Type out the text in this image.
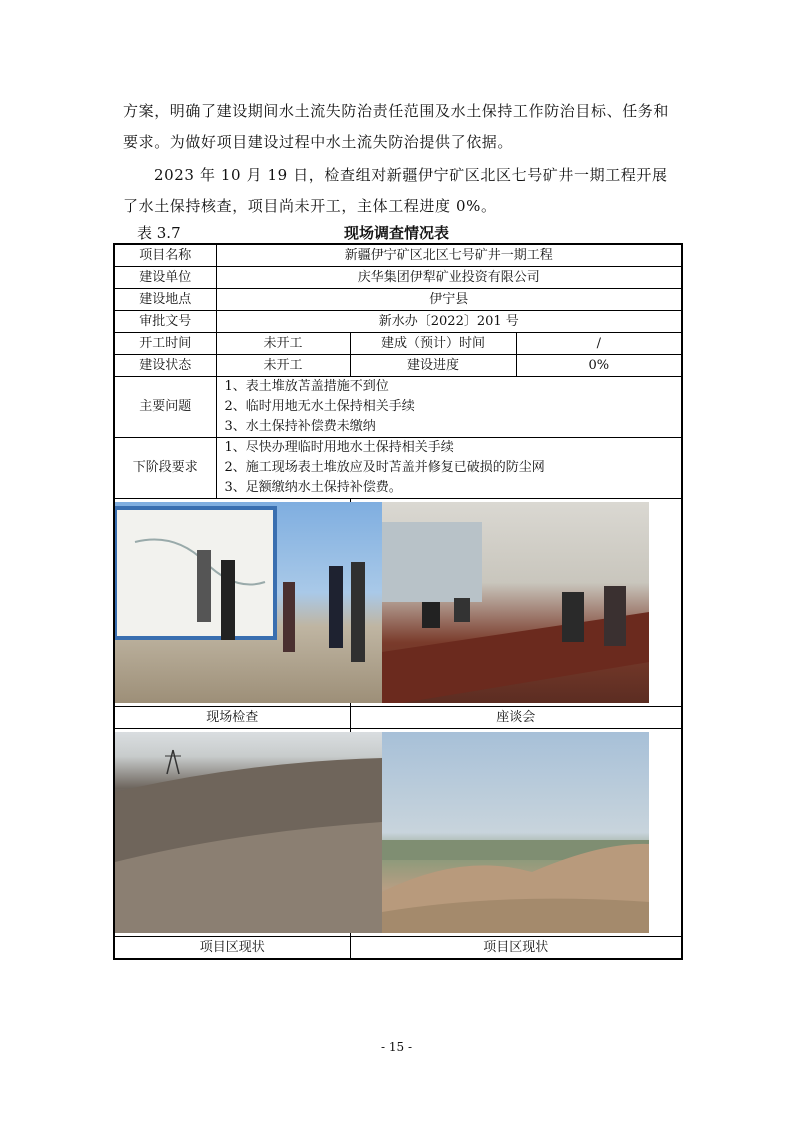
方案，明确了建设期间水土流失防治责任范围及水土保持工作防治目标、任务和要求。为做好项目建设过程中水土流失防治提供了依据。

2023 年 10 月 19 日，检查组对新疆伊宁矿区北区七号矿井一期工程开展了水土保持核查，项目尚未开工，主体工程进度 0%。

表 3.7	现场调查情况表
项目名称	新疆伊宁矿区北区七号矿井一期工程		
建设单位	庆华集团伊犁矿业投资有限公司		
建设地点	伊宁县		
审批文号	新水办〔2022〕201 号		
开工时间	未开工	建成（预计）时间	/
建设状态	未开工	建设进度	0%
主要问题	1、表土堆放苫盖措施不到位
2、临时用地无水土保持相关手续
3、水土保持补偿费未缴纳		

下阶段要求	1、尽快办理临时用地水土保持相关手续
2、施工现场表土堆放应及时苫盖并修复已破损的防尘网
3、足额缴纳水土保持补偿费。		

现场检查		座谈会	

项目区现状		项目区现状	
- 15 -
